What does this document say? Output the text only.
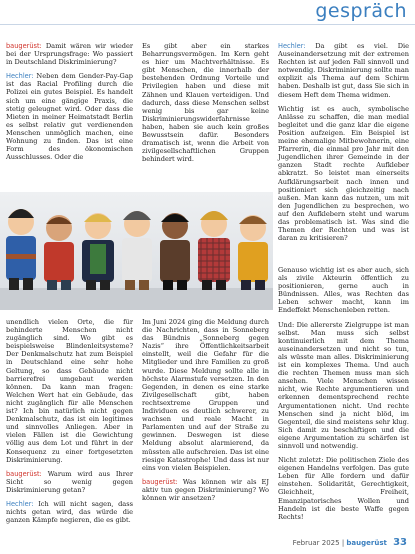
gespräch

baugerüst: Damit wären wir wieder bei der Ursprungsfrage: Wo passiert in Deutschland Diskriminierung?

Hechler: Neben dem Gender-Pay-Gap ist das Racial Profiling durch die Polizei ein gutes Beispiel. Es handelt sich um eine gängige Praxis, die stetig geleugnet wird. Oder dass die Mieten in meiner Heimatstadt Berlin es selbst relativ gut verdienenden Menschen unmöglich machen, eine Wohnung zu finden. Das ist eine Form des ökonomischen Ausschlusses. Oder die

Es gibt aber ein starkes Beharrungsvermögen. Im Kern geht es hier um Machtverhältnisse. Es gibt Menschen, die innerhalb der bestehenden Ordnung Vorteile und Privilegien haben und diese mit Zähnen und Klauen verteidigen. Und dadurch, dass diese Menschen selbst wenig bis gar keine Diskriminierungswiderfahrnisse haben, haben sie auch kein großes Bewusstsein dafür. Besonders dramatisch ist, wenn die Arbeit von zivilgesellschaftlichen Gruppen behindert wird.

Hechler: Da gibt es viel. Die Auseinandersetzung mit der extremen Rechten ist auf jeden Fall sinnvoll und notwendig. Diskriminierung sollte man explizit als Thema auf dem Schirm haben. Deshalb ist gut, dass Sie sich in diesem Heft dem Thema widmen.

Wichtig ist es auch, symbolische Anlässe zu schaffen, die man medial begleitet und die ganz klar die eigene Position aufzeigen. Ein Beispiel ist meine ehemalige Mitbewohnerin, eine Pfarrerin, die einmal pro Jahr mit den Jugendlichen ihrer Gemeinde in der ganzen Stadt rechte Aufkleber abkratzt. So leistet man einerseits Aufklärungsarbeit nach innen und positioniert sich gleichzeitig nach außen. Man kann das nutzen, um mit den Jugendlichen zu besprechen, wo auf den Aufklebern steht und warum das problematisch ist. Was sind die Themen der Rechten und was ist daran zu kritisieren?

unendlich vielen Orte, die für behinderte Menschen nicht zugänglich sind. Wo gibt es beispielsweise Blindenleitsysteme? Der Denkmalschutz hat zum Beispiel in Deutschland eine sehr hohe Geltung, so dass Gebäude nicht barrierefrei umgebaut werden können. Da kann man fragen: Welchen Wert hat ein Gebäude, das nicht zugänglich für alle Menschen ist? Ich bin natürlich nicht gegen Denkmalschutz, das ist ein legitimes und sinnvolles Anliegen. Aber in vielen Fällen ist die Gewichtung völlig aus dem Lot und führt in der Konsequenz zu einer fortgesetzten Diskriminierung.

baugerüst: Warum wird aus Ihrer Sicht so wenig gegen Diskriminierung getan?

Hechler: Ich will nicht sagen, dass nichts getan wird, das würde die ganzen Kämpfe negieren, die es gibt.

Im Juni 2024 ging die Meldung durch die Nachrichten, dass in Sonneberg das Bündnis „Sonneberg gegen Nazis“ ihre Öffentlichkeitsarbeit einstellt, weil die Gefahr für die Mitglieder und ihre Familien zu groß wurde. Diese Meldung sollte alle in höchste Alarmstufe versetzen. In den Gegenden, in denen es eine starke Zivilgesellschaft gibt, haben rechtsextreme Gruppen und Individuen es deutlich schwerer, zu wachsen und reale Macht in Parlamenten und auf der Straße zu gewinnen. Deswegen ist diese Meldung absolut alarmierend, da müssten alle aufschreien. Das ist eine riesige Katastrophe! Und dass ist nur eins von vielen Beispielen.

baugerüst: Was können wir als EJ aktiv tun gegen Diskriminierung? Wo können wir ansetzen?

Genauso wichtig ist es aber auch, sich als zivile Akteurin öffentlich zu positionieren, gerne auch in Bündnissen. Alles, was Rechten das Leben schwer macht, kann im Endeffekt Menschenleben retten.

Und: Die allererste Zielgruppe ist man selbst. Man muss sich selbst kontinuierlich mit dem Thema auseinandersetzen und nicht so tun, als wüsste man alles. Diskriminierung ist ein komplexes Thema. Und auch die rechten Themen muss man sich ansehen. Viele Menschen wissen nicht, wie Rechte argumentieren und erkennen dementsprechend rechte Argumentationen nicht. Und rechte Menschen sind ja nicht blöd, im Gegenteil, die sind meistens sehr klug. Sich damit zu beschäftigen und die eigene Argumentation zu schärfen ist sinnvoll und notwendig.

Nicht zuletzt: Die politischen Ziele des eigenen Handelns verfolgen. Das gute Leben für Alle fordern und dafür einstehen. Solidarität, Gerechtigkeit, Gleichheit, Freiheit, Emanzipatorisches Wollen und Handeln ist die beste Waffe gegen Rechts!

Februar 2025 | baugerüst 33
